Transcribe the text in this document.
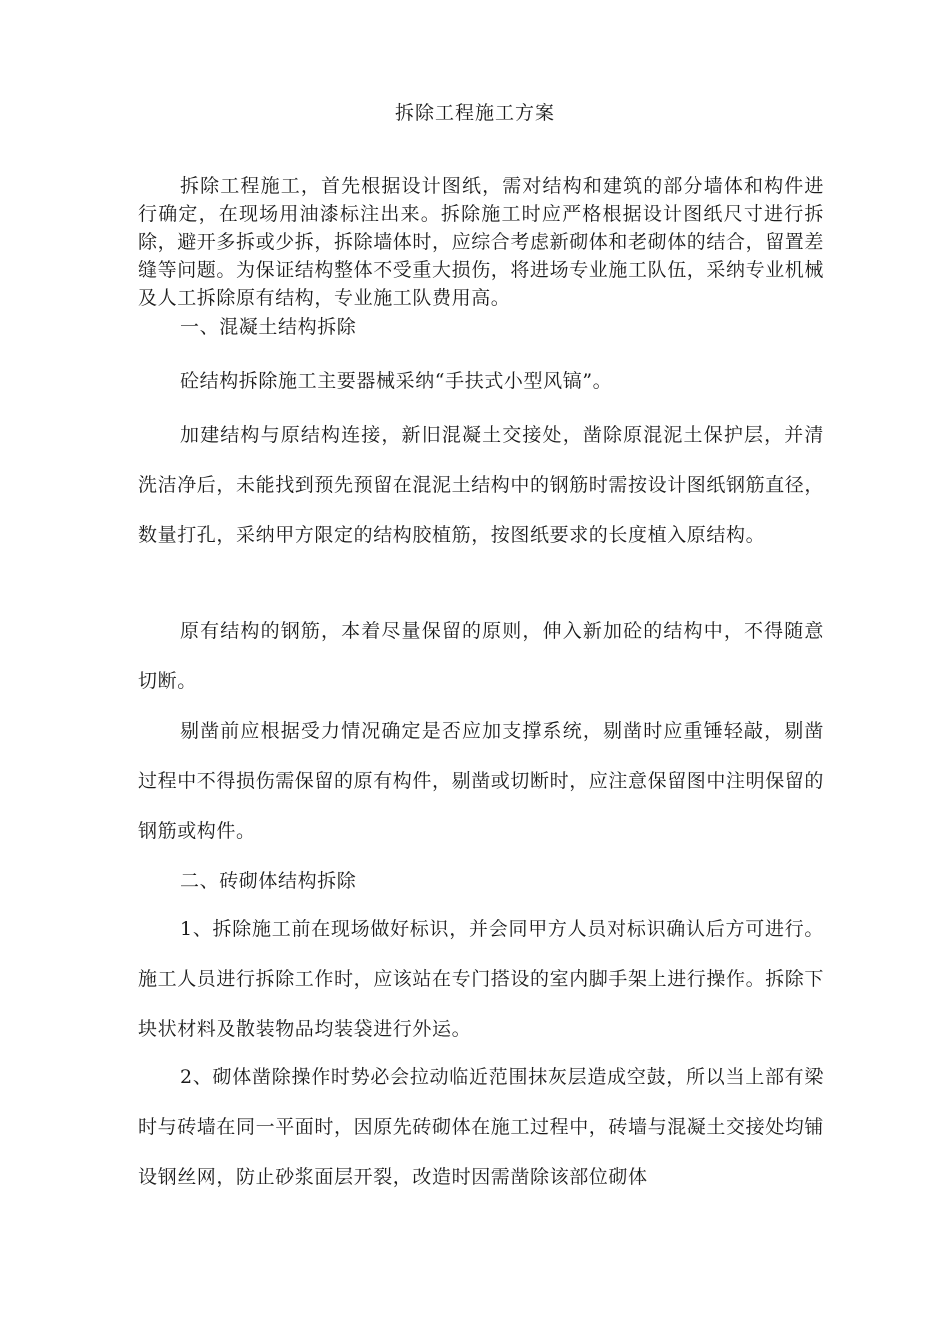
拆除工程施工方案

拆除工程施工，首先根据设计图纸，需对结构和建筑的部分墙体和构件进行确定，在现场用油漆标注出来。拆除施工时应严格根据设计图纸尺寸进行拆除，避开多拆或少拆，拆除墙体时，应综合考虑新砌体和老砌体的结合，留置差缝等问题。为保证结构整体不受重大损伤，将进场专业施工队伍，采纳专业机械及人工拆除原有结构，专业施工队费用高。

一、混凝土结构拆除

砼结构拆除施工主要器械采纳“手扶式小型风镐”。

加建结构与原结构连接，新旧混凝土交接处，凿除原混泥土保护层，并清洗洁净后，未能找到预先预留在混泥土结构中的钢筋时需按设计图纸钢筋直径，数量打孔，采纳甲方限定的结构胶植筋，按图纸要求的长度植入原结构。

原有结构的钢筋，本着尽量保留的原则，伸入新加砼的结构中，不得随意切断。

剔凿前应根据受力情况确定是否应加支撑系统，剔凿时应重锤轻敲，剔凿过程中不得损伤需保留的原有构件，剔凿或切断时，应注意保留图中注明保留的钢筋或构件。

二、砖砌体结构拆除

1、拆除施工前在现场做好标识，并会同甲方人员对标识确认后方可进行。施工人员进行拆除工作时，应该站在专门搭设的室内脚手架上进行操作。拆除下块状材料及散装物品均装袋进行外运。

2、砌体凿除操作时势必会拉动临近范围抹灰层造成空鼓，所以当上部有梁时与砖墙在同一平面时，因原先砖砌体在施工过程中，砖墙与混凝土交接处均铺设钢丝网，防止砂浆面层开裂，改造时因需凿除该部位砌体
